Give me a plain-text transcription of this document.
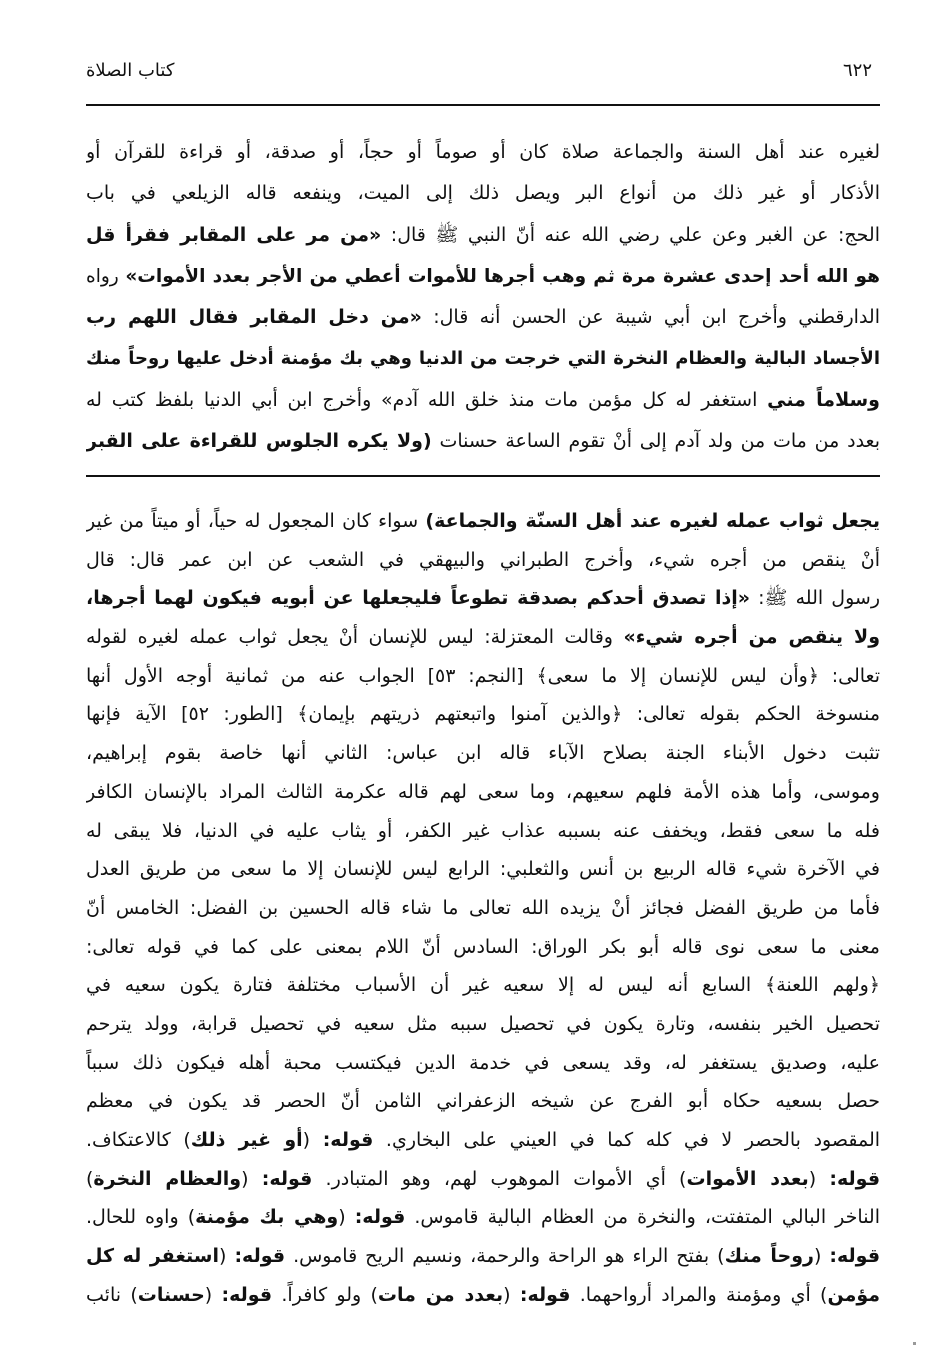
كتاب الصلاة	٦٢٢
لغيره عند أهل السنة والجماعة صلاة كان أو صوماً أو حجاً، أو صدقة، أو قراءة للقرآن أو
الأذكار أو غير ذلك من أنواع البر ويصل ذلك إلى الميت، وينفعه قاله الزيلعي في باب
الحج: عن الغبر وعن علي رضي الله عنه أنّ النبي ﷺ قال: «من مر على المقابر فقرأ قل
هو الله أحد إحدى عشرة مرة ثم وهب أجرها للأموات أعطي من الأجر بعدد الأموات» رواه
الدارقطني وأخرج ابن أبي شيبة عن الحسن أنه قال: «من دخل المقابر فقال اللهم رب
الأجساد البالية والعظام النخرة التي خرجت من الدنيا وهي بك مؤمنة أدخل عليها روحاً منك
وسلاماً مني استغفر له كل مؤمن مات منذ خلق الله آدم» وأخرج ابن أبي الدنيا بلفظ كتب له
بعدد من مات من ولد آدم إلى أنْ تقوم الساعة حسنات (ولا يكره الجلوس للقراءة على القبر
يجعل ثواب عمله لغيره عند أهل السنّة والجماعة) سواء كان المجعول له حياً، أو ميتاً من غير
أنْ ينقص من أجره شيء، وأخرج الطبراني والبيهقي في الشعب عن ابن عمر قال: قال
رسول الله ﷺ: «إذا تصدق أحدكم بصدقة تطوعاً فليجعلها عن أبويه فيكون لهما أجرها،
ولا ينقص من أجره شيء» وقالت المعتزلة: ليس للإنسان أنْ يجعل ثواب عمله لغيره لقوله
تعالى: ﴿وأن ليس للإنسان إلا ما سعى﴾ [النجم: ٥٣] الجواب عنه من ثمانية أوجه الأول أنها
منسوخة الحكم بقوله تعالى: ﴿والذين آمنوا واتبعتهم ذريتهم بإيمان﴾ [الطور: ٥٢] الآية فإنها
تثبت دخول الأبناء الجنة بصلاح الآباء قاله ابن عباس: الثاني أنها خاصة بقوم إبراهيم،
وموسى، وأما هذه الأمة فلهم سعيهم، وما سعى لهم قاله عكرمة الثالث المراد بالإنسان الكافر
فله ما سعى فقط، ويخفف عنه بسببه عذاب غير الكفر، أو يثاب عليه في الدنيا، فلا يبقى له
في الآخرة شيء قاله الربيع بن أنس والثعلبي: الرابع ليس للإنسان إلا ما سعى من طريق العدل
فأما من طريق الفضل فجائز أنْ يزيده الله تعالى ما شاء قاله الحسين بن الفضل: الخامس أنّ
معنى ما سعى نوى قاله أبو بكر الوراق: السادس أنّ اللام بمعنى على كما في قوله تعالى:
﴿ولهم اللعنة﴾ السابع أنه ليس له إلا سعيه غير أن الأسباب مختلفة فتارة يكون سعيه في
تحصيل الخير بنفسه، وتارة يكون في تحصيل سببه مثل سعيه في تحصيل قرابة، وولد يترحم
عليه، وصديق يستغفر له، وقد يسعى في خدمة الدين فيكتسب محبة أهله فيكون ذلك سبباً
حصل بسعيه حكاه أبو الفرج عن شيخه الزعفراني الثامن أنّ الحصر قد يكون في معظم
المقصود بالحصر لا في كله كما في العيني على البخاري. قوله: (أو غير ذلك) كالاعتكاف.
قوله: (بعدد الأموات) أي الأموات الموهوب لهم، وهو المتبادر. قوله: (والعظام النخرة)
الناخر البالي المتفتت، والنخرة من العظام البالية قاموس. قوله: (وهي بك مؤمنة) واوه للحال.
قوله: (روحاً منك) بفتح الراء هو الراحة والرحمة، ونسيم الريح قاموس. قوله: (استغفر له كل
مؤمن) أي ومؤمنة والمراد أرواحهما. قوله: (بعدد من مات) ولو كافراً. قوله: (حسنات) نائب
